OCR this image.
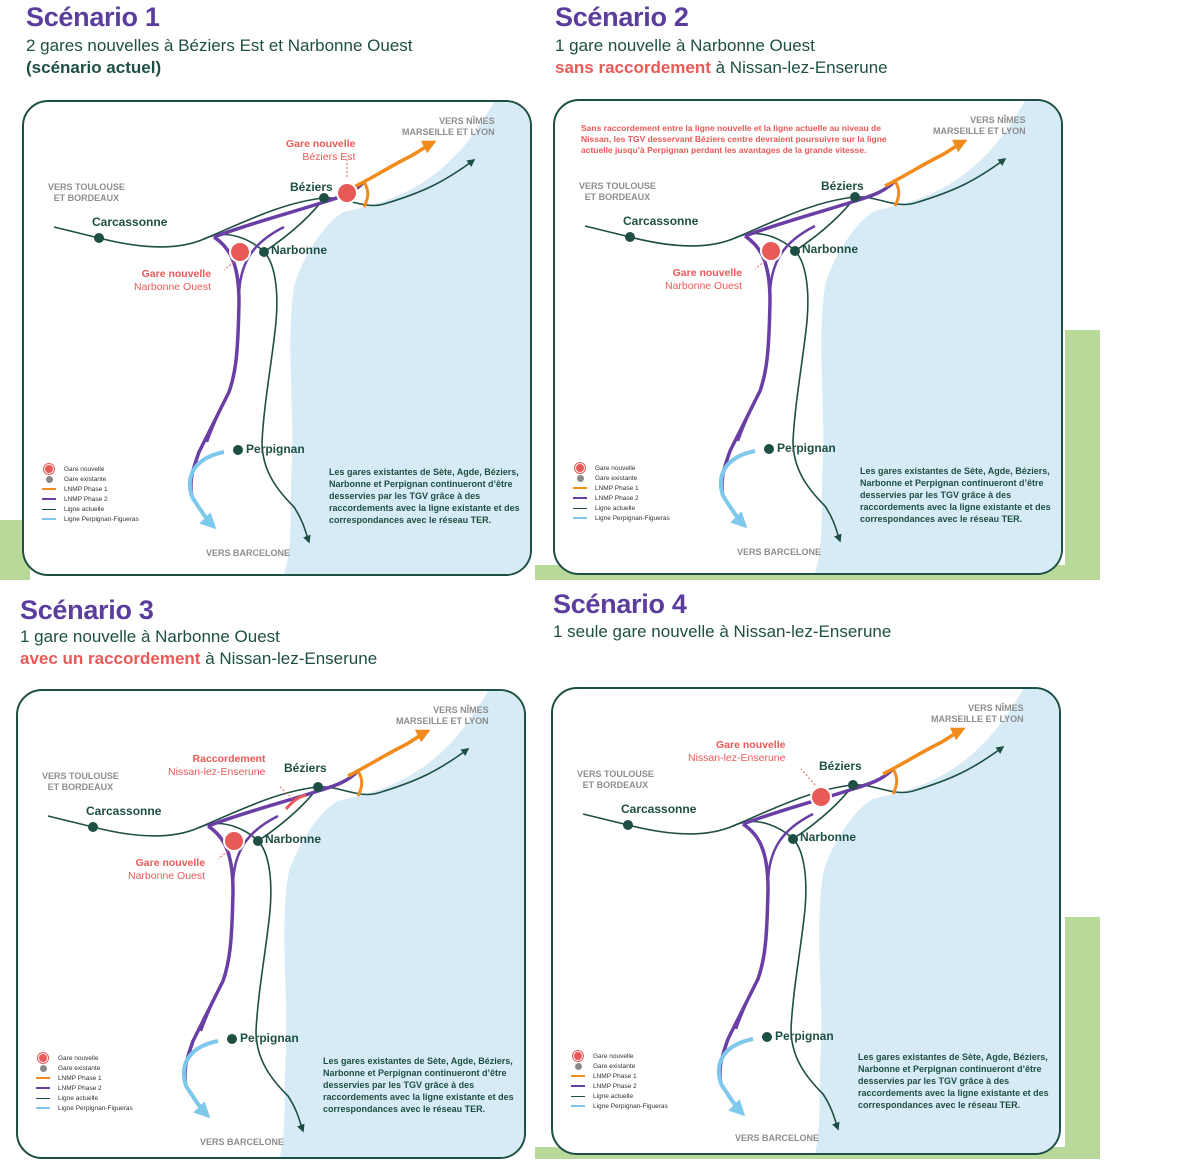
Scénario 1
2 gares nouvelles à Béziers Est et Narbonne Ouest
(scénario actuel)
VERS NÎMES
MARSEILLE ET LYON
VERS TOULOUSE
ET BORDEAUX
VERS BARCELONE
Carcassonne
Narbonne
Béziers
Perpignan
Gare nouvelle
Béziers Est
Gare nouvelle
Narbonne Ouest
Les gares existantes de Sète, Agde, Béziers, Narbonne et Perpignan continueront d’être desservies par les TGV grâce à des raccordements avec la ligne existante et des correspondances avec le réseau TER.
Gare nouvelle
Gare existante
LNMP Phase 1
LNMP Phase 2
Ligne actuelle
Ligne Perpignan-Figueras
Scénario 2
1 gare nouvelle à Narbonne Ouest
sans raccordement à Nissan-lez-Enserune
Sans raccordement entre la ligne nouvelle et la ligne actuelle au niveau de Nissan, les TGV desservant Béziers centre devraient poursuivre sur la ligne actuelle jusqu’à Perpignan perdant les avantages de la grande vitesse.
VERS NÎMES
MARSEILLE ET LYON
VERS TOULOUSE
ET BORDEAUX
VERS BARCELONE
Carcassonne
Narbonne
Béziers
Perpignan
Gare nouvelle
Narbonne Ouest
Les gares existantes de Sète, Agde, Béziers, Narbonne et Perpignan continueront d’être desservies par les TGV grâce à des raccordements avec la ligne existante et des correspondances avec le réseau TER.
Gare nouvelle
Gare existante
LNMP Phase 1
LNMP Phase 2
Ligne actuelle
Ligne Perpignan-Figueras
Scénario 3
1 gare nouvelle à Narbonne Ouest
avec un raccordement à Nissan-lez-Enserune
VERS NÎMES
MARSEILLE ET LYON
VERS TOULOUSE
ET BORDEAUX
VERS BARCELONE
Carcassonne
Narbonne
Béziers
Perpignan
Raccordement
Nissan-lez-Enserune
Gare nouvelle
Narbonne Ouest
Les gares existantes de Sète, Agde, Béziers, Narbonne et Perpignan continueront d’être desservies par les TGV grâce à des raccordements avec la ligne existante et des correspondances avec le réseau TER.
Gare nouvelle
Gare existante
LNMP Phase 1
LNMP Phase 2
Ligne actuelle
Ligne Perpignan-Figueras
Scénario 4
1 seule gare nouvelle à Nissan-lez-Enserune
VERS NÎMES
MARSEILLE ET LYON
VERS TOULOUSE
ET BORDEAUX
VERS BARCELONE
Carcassonne
Narbonne
Béziers
Perpignan
Gare nouvelle
Nissan-lez-Enserune
Les gares existantes de Sète, Agde, Béziers, Narbonne et Perpignan continueront d’être desservies par les TGV grâce à des raccordements avec la ligne existante et des correspondances avec le réseau TER.
Gare nouvelle
Gare existante
LNMP Phase 1
LNMP Phase 2
Ligne actuelle
Ligne Perpignan-Figueras
